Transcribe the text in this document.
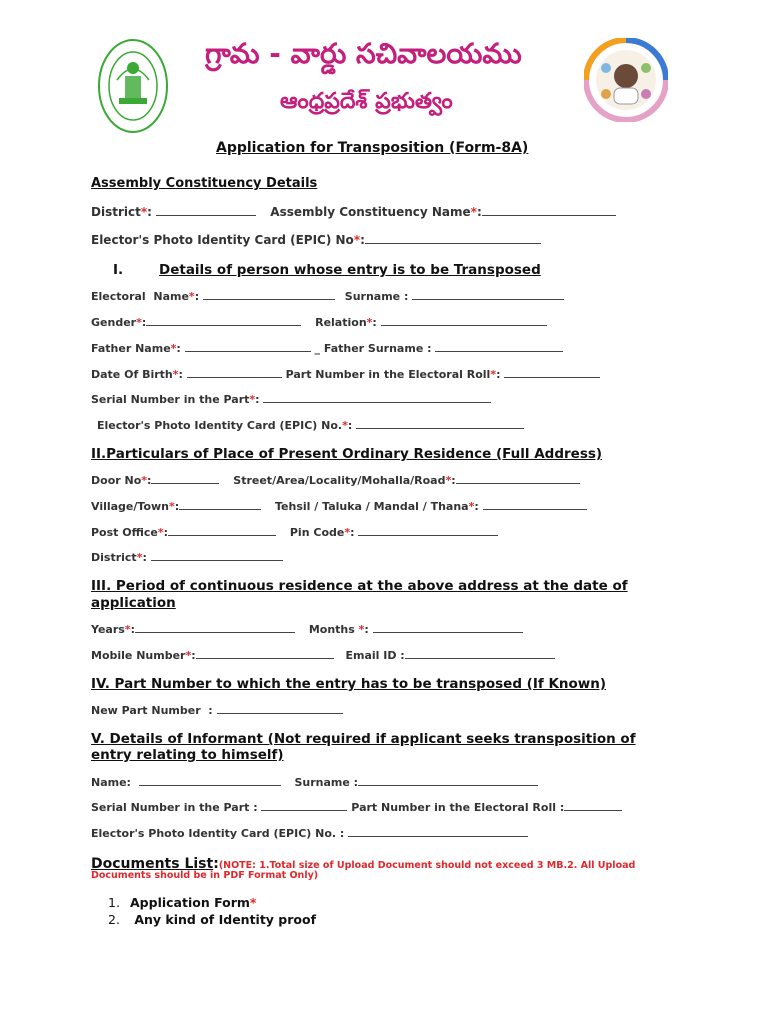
గ్రామ - వార్డు సచివాలయము
ఆంధ్రప్రదేశ్ ప్రభుత్వం
Application for Transposition (Form-8A)
Assembly Constituency Details
District*:	Assembly Constituency Name*:
Elector's Photo Identity Card (EPIC) No*:
I.	Details of person whose entry is to be Transposed
Electoral  Name*:	Surname :
Gender*:	Relation*:
Father Name*:	_ Father Surname :
Date Of Birth*:	Part Number in the Electoral Roll*:
Serial Number in the Part*:
Elector's Photo Identity Card (EPIC) No.*:
II.Particulars of Place of Present Ordinary Residence (Full Address)
Door No*:	Street/Area/Locality/Mohalla/Road*:
Village/Town*:	Tehsil / Taluka / Mandal / Thana*:
Post Office*:	Pin Code*:
District*:
III. Period of continuous residence at the above address at the date of
application
Years*:	Months *:
Mobile Number*:	Email ID :
IV. Part Number to which the entry has to be transposed (If Known)
New Part Number  :
V. Details of Informant (Not required if applicant seeks transposition of
entry relating to himself)
Name:	Surname :
Serial Number in the Part :	Part Number in the Electoral Roll :
Elector's Photo Identity Card (EPIC) No. :
Documents List:(NOTE: 1.Total size of Upload Document should not exceed 3 MB.2. All Upload
Documents should be in PDF Format Only)
1. Application Form*
2. Any kind of Identity proof
